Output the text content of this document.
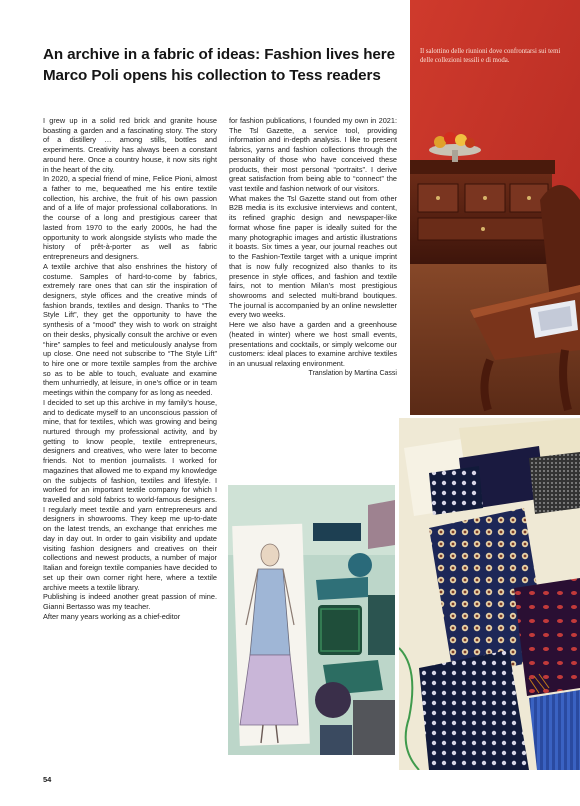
An archive in a fabric of ideas: Fashion lives here
Marco Poli opens his collection to Tess readers

I grew up in a solid red brick and granite house boasting a garden and a fascinating story. The story of a distillery … among stills, bottles and experiments. Creativity has always been a constant around here. Once a country house, it now sits right in the heart of the city.

In 2020, a special friend of mine, Felice Pioni, almost a father to me, bequeathed me his entire textile collection, his archive, the fruit of his own passion and of a life of major professional collaborations. In the course of a long and prestigious career that lasted from 1970 to the early 2000s, he had the opportunity to work alongside stylists who made the history of prêt-à-porter as well as fabric entrepreneurs and designers.

A textile archive that also enshrines the history of costume. Samples of hard-to-come by fabrics, extremely rare ones that can stir the inspiration of designers, style offices and the creative minds of fashion brands, textiles and design. Thanks to “The Style Lift”, they get the opportunity to have the synthesis of a “mood” they wish to work on straight on their desks, physically consult the archive or even “hire” samples to feel and meticulously analyse from up close. One need not subscribe to “The Style Lift” to hire one or more textile samples from the archive so as to be able to touch, evaluate and examine them unhurriedly, at leisure, in one’s office or in team meetings within the company for as long as needed.

I decided to set up this archive in my family’s house, and to dedicate myself to an unconscious passion of mine, that for textiles, which was growing and being nurtured through my professional activity, and by getting to know people, textile entrepreneurs, designers and creatives, who were later to become friends. Not to mention journalists. I worked for magazines that allowed me to expand my knowledge on the subjects of fashion, textiles and lifestyle. I worked for an important textile company for which I travelled and sold fabrics to world-famous designers. I regularly meet textile and yarn entrepreneurs and designers in showrooms. They keep me up-to-date on the latest trends, an exchange that enriches me day in day out. In order to gain visibility and update visiting fashion designers and creatives on their collections and newest products, a number of major Italian and foreign textile companies have decided to set up their own corner right here, where a textile archive meets a textile library.

Publishing is indeed another great passion of mine. Gianni Bertasso was my teacher.

After many years working as a chief-editor

for fashion publications, I founded my own in 2021: The Tsl Gazette, a service tool, providing information and in-depth analysis. I like to present fabrics, yarns and fashion collections through the personality of those who have conceived these products, their most personal “portraits”. I derive great satisfaction from being able to “connect” the vast textile and fashion network of our visitors.

What makes the Tsl Gazette stand out from other B2B media is its exclusive interviews and content, its refined graphic design and newspaper-like format whose fine paper is ideally suited for the many photographic images and artistic illustrations it boasts. Six times a year, our journal reaches out to the Fashion-Textile target with a unique imprint that is now fully recognized also thanks to its presence in style offices, and fashion and textile fairs, not to mention Milan’s most prestigious showrooms and selected multi-brand boutiques. The journal is accompanied by an online newsletter every two weeks.

Here we also have a garden and a greenhouse (heated in winter) where we host small events, presentations and cocktails, or simply welcome our customers: ideal places to examine archive textiles in an unusual relaxing environment.

Translation by Martina Cassi

Il salottino delle riunioni dove confrontarsi sui temi delle collezioni tessili e di moda.
54
